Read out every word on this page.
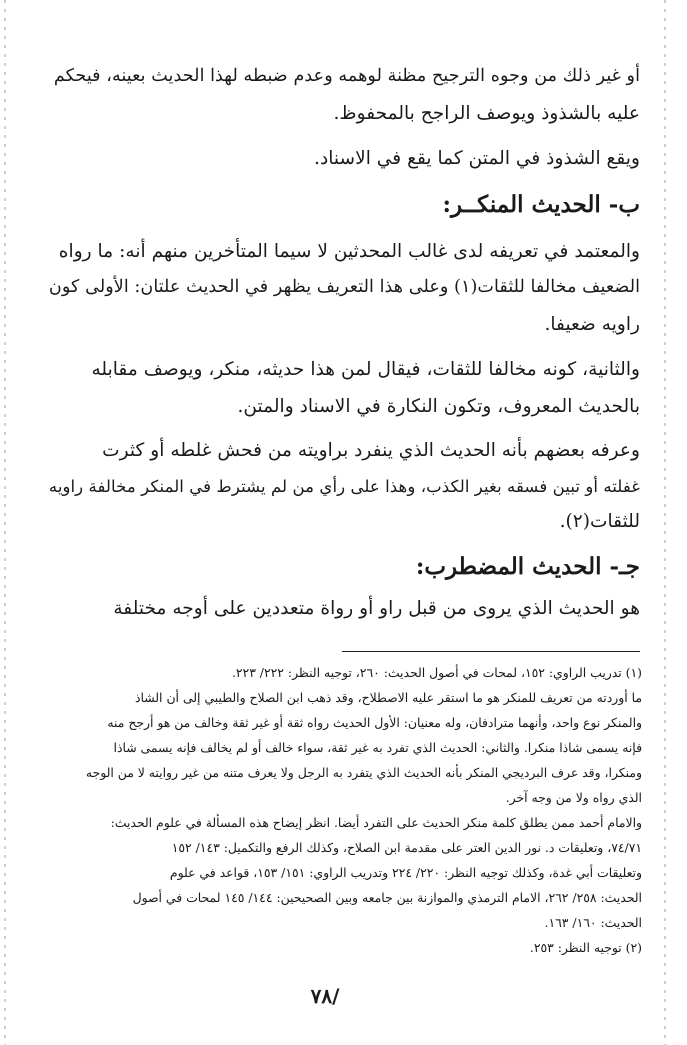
أو غير ذلك من وجوه الترجيح مظنة لوهمه وعدم ضبطه لهذا الحديث بعينه، فيحكم
عليه بالشذوذ ويوصف الراجح بالمحفوظ.
ويقع الشذوذ في المتن كما يقع في الاسناد.
ب- الحديث المنكــر:
والمعتمد في تعريفه لدى غالب المحدثين لا سيما المتأخرين منهم أنه: ما رواه
الضعيف مخالفا للثقات(١) وعلى هذا التعريف يظهر في الحديث علتان: الأولى كون
راويه ضعيفا.
والثانية، كونه مخالفا للثقات، فيقال لمن هذا حديثه، منكر، ويوصف مقابله
بالحديث المعروف، وتكون النكارة في الاسناد والمتن.
وعرفه بعضهم بأنه الحديث الذي ينفرد براويته من فحش غلطه أو كثرت
غفلته أو تبين فسقه بغير الكذب، وهذا على رأي من لم يشترط في المنكر مخالفة راويه
للثقات(٢).
جـ- الحديث المضطرب:
هو الحديث الذي يروى من قبل راو أو رواة متعددين على أوجه مختلفة
(١) تدريب الراوي: ١٥٢، لمحات في أصول الحديث: ٢٦٠، توجيه النظر: ٢٢٢/ ٢٢٣.
ما أوردته من تعريف للمنكر هو ما استقر عليه الاصطلاح، وقد ذهب ابن الصلاح والطيبي إلى أن الشاذ
والمنكر نوع واحد، وأنهما مترادفان، وله معنيان: الأول الحديث رواه ثقة أو غير ثقة وخالف من هو أرجح منه
فإنه يسمى شاذا منكرا. والثاني: الحديث الذي تفرد به غير ثقة، سواء خالف أو لم يخالف فإنه يسمى شاذا
ومنكرا، وقد عرف البرديجي المنكر بأنه الحديث الذي يتفرد به الرجل ولا يعرف متنه من غير روايته لا من الوجه
الذي رواه ولا من وجه آخر.
والامام أحمد ممن يطلق كلمة منكر الحديث على التفرد أيضا. انظر إيضاح هذه المسألة في علوم الحديث:
٧٤/٧١، وتعليقات د. نور الدين العتر على مقدمة ابن الصلاح، وكذلك الرفع والتكميل: ١٤٣/ ١٥٢
وتعليقات أبي غدة، وكذلك توجيه النظر: ٢٢٠/ ٢٢٤ وتدريب الراوي: ١٥١/ ١٥٣، قواعد في علوم
الحديث: ٢٥٨/ ٢٦٢، الامام الترمذي والموازنة بين جامعه وبين الصحيحين: ١٤٤/ ١٤٥ لمحات في أصول
الحديث: ١٦٠/ ١٦٣.
(٢) توجيه النظر: ٢٥٣.
/٧٨
